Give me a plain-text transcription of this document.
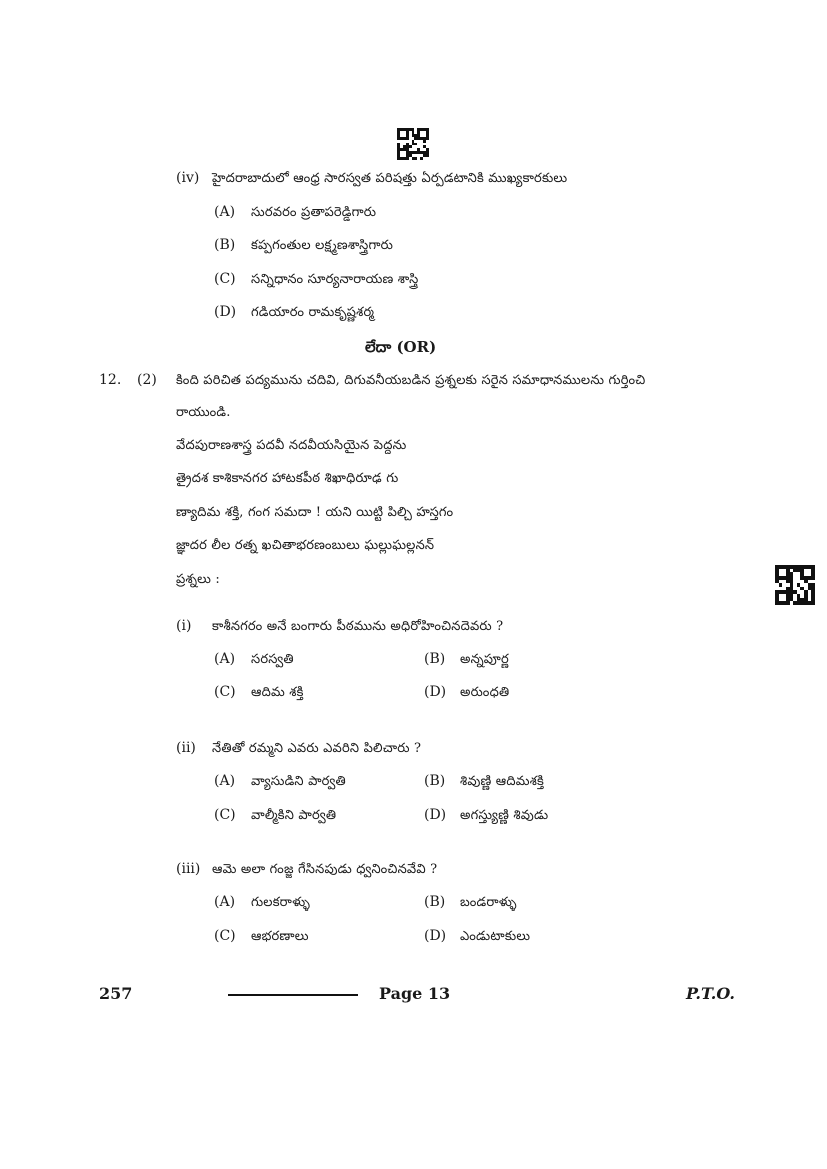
(iv) హైదరాబాదులో ఆంధ్ర సారస్వత పరిషత్తు ఏర్పడటానికి ముఖ్యకారకులు
(A) సురవరం ప్రతాపరెడ్డిగారు
(B) కప్పగంతుల లక్ష్మణశాస్త్రిగారు
(C) సన్నిధానం సూర్యనారాయణ శాస్త్రి
(D) గడియారం రామకృష్ణశర్మ
లేదా (OR)
12. (2) కింది పరిచిత పద్యమును చదివి, దిగువనీయబడిన ప్రశ్నలకు సరైన సమాధానములను గుర్తించి
రాయుండి.
వేదపురాణశాస్త్ర పదవీ నదవీయసియైన పెద్దను
త్రైదశ కాశికానగర హాటకపీఠ శిఖాధిరూఢ గు
ణ్యాదిమ శక్తి, గంగ సమదా ! యని యిట్టి పిల్చి హస్తగం
జ్ఞాదర లీల రత్న ఖచితాభరణంబులు ఘల్లుఘల్లనన్
ప్రశ్నలు :
(i) కాశీనగరం అనే బంగారు పీఠమును అధిరోహించినదెవరు ?
(A) సరస్వతి	(B) అన్నపూర్ణ
(C) ఆదిమ శక్తి	(D) అరుంధతి
(ii) నేతితో రమ్మని ఎవరు ఎవరిని పిలిచారు ?
(A) వ్యాసుడిని పార్వతి	(B) శివుణ్ణి ఆదిమశక్తి
(C) వాల్మీకిని పార్వతి	(D) అగస్త్యుణ్ణి శివుడు
(iii) ఆమె అలా గంజ్జ గేసినపుడు ధ్వనించినవేవి ?
(A) గులకరాళ్ళు	(B) బండరాళ్ళు
(C) ఆభరణాలు	(D) ఎండుటాకులు
257	Page 13	P.T.O.
